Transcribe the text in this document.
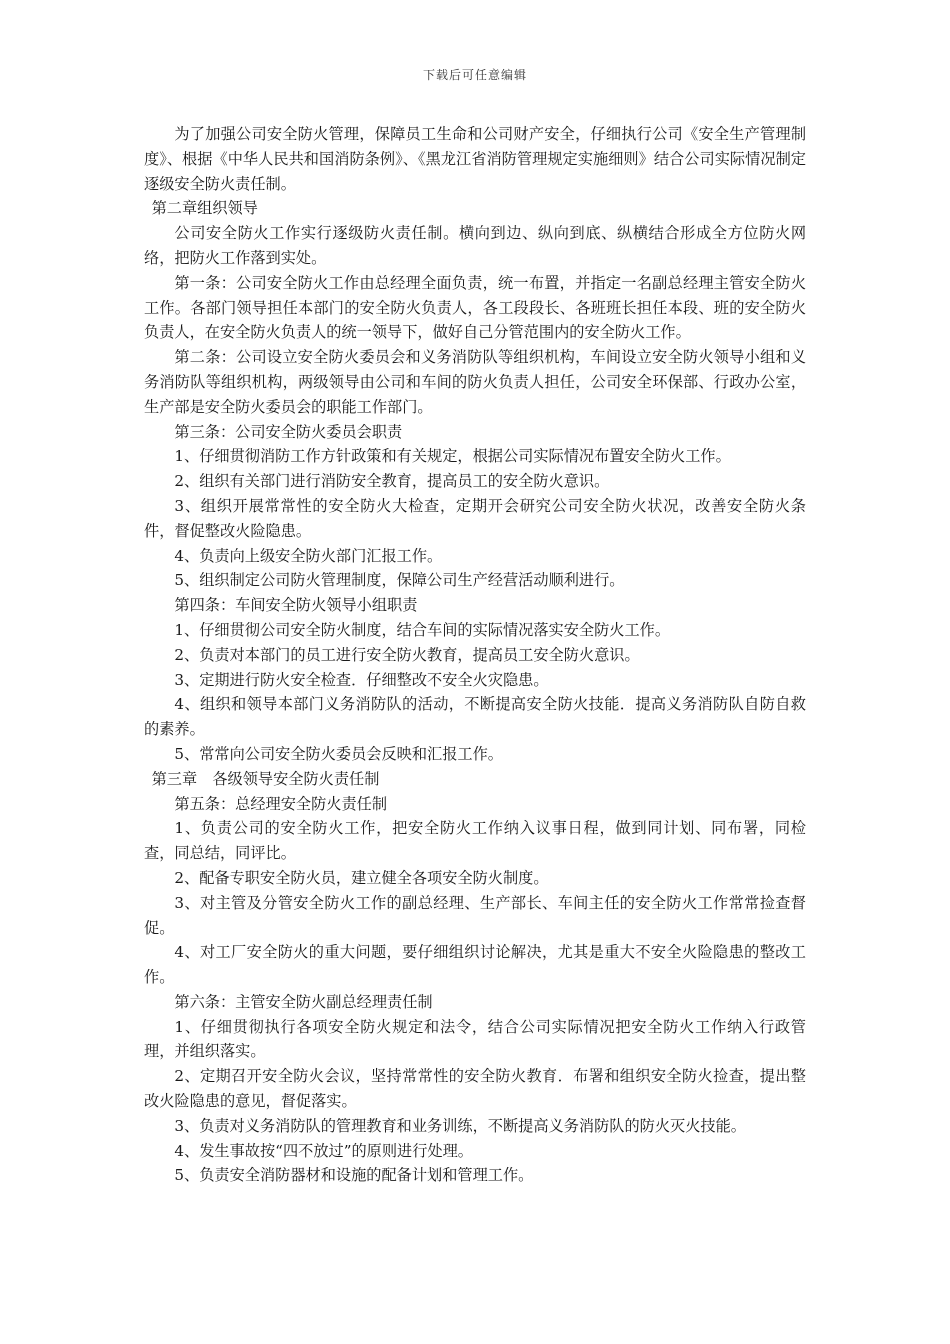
下载后可任意编辑

为了加强公司安全防火管理，保障员工生命和公司财产安全，仔细执行公司《安全生产管理制度》、根据《中华人民共和国消防条例》、《黑龙江省消防管理规定实施细则》结合公司实际情况制定逐级安全防火责任制。

第二章组织领导

公司安全防火工作实行逐级防火责任制。横向到边、纵向到底、纵横结合形成全方位防火网络，把防火工作落到实处。

第一条：公司安全防火工作由总经理全面负责，统一布置，并指定一名副总经理主管安全防火工作。各部门领导担任本部门的安全防火负责人，各工段段长、各班班长担任本段、班的安全防火负责人，在安全防火负责人的统一领导下，做好自己分管范围内的安全防火工作。

第二条：公司设立安全防火委员会和义务消防队等组织机构，车间设立安全防火领导小组和义务消防队等组织机构，两级领导由公司和车间的防火负责人担任，公司安全环保部、行政办公室，生产部是安全防火委员会的职能工作部门。

第三条：公司安全防火委员会职责

1、仔细贯彻消防工作方针政策和有关规定，根据公司实际情况布置安全防火工作。

2、组织有关部门进行消防安全教育，提高员工的安全防火意识。

3、组织开展常常性的安全防火大检查，定期开会研究公司安全防火状况，改善安全防火条件，督促整改火险隐患。

4、负责向上级安全防火部门汇报工作。

5、组织制定公司防火管理制度，保障公司生产经营活动顺利进行。

第四条：车间安全防火领导小组职责

1、仔细贯彻公司安全防火制度，结合车间的实际情况落实安全防火工作。

2、负责对本部门的员工进行安全防火教育，提高员工安全防火意识。

3、定期进行防火安全检查．仔细整改不安全火灾隐患。

4、组织和领导本部门义务消防队的活动，不断提高安全防火技能．提高义务消防队自防自救的素养。

5、常常向公司安全防火委员会反映和汇报工作。

第三章　各级领导安全防火责任制

第五条：总经理安全防火责任制

1、负责公司的安全防火工作，把安全防火工作纳入议事日程，做到同计划、同布署，同检查，同总结，同评比。

2、配备专职安全防火员，建立健全各项安全防火制度。

3、对主管及分管安全防火工作的副总经理、生产部长、车间主任的安全防火工作常常捡查督促。

4、对工厂安全防火的重大问题，要仔细组织讨论解决，尤其是重大不安全火险隐患的整改工作。

第六条：主管安全防火副总经理责任制

1、仔细贯彻执行各项安全防火规定和法令，结合公司实际情况把安全防火工作纳入行政管理，并组织落实。

2、定期召开安全防火会议，坚持常常性的安全防火教育．布署和组织安全防火捡查，提出整改火险隐患的意见，督促落实。

3、负责对义务消防队的管理教育和业务训练，不断提高义务消防队的防火灭火技能。

4、发生事故按“四不放过”的原则进行处理。

5、负责安全消防器材和设施的配备计划和管理工作。
